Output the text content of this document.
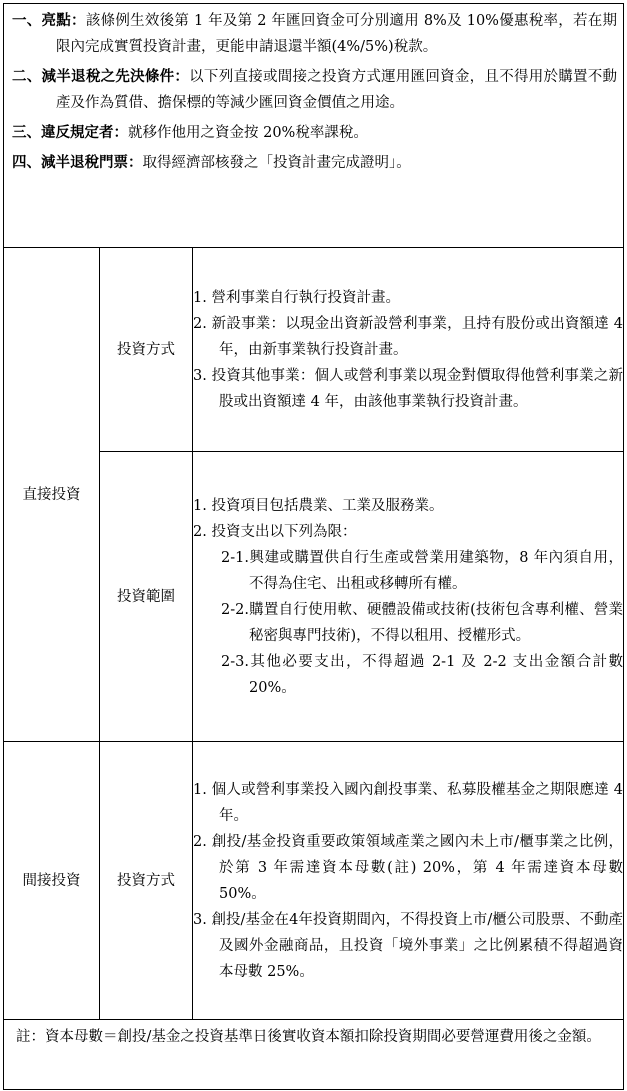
一、亮點：該條例生效後第 1 年及第 2 年匯回資金可分別適用 8%及 10%優惠稅率，若在期限內完成實質投資計畫，更能申請退還半額(4%/5%)稅款。
二、減半退稅之先決條件：以下列直接或間接之投資方式運用匯回資金，且不得用於購置不動產及作為質借、擔保標的等減少匯回資金價值之用途。
三、違反規定者：就移作他用之資金按 20%稅率課稅。
四、減半退稅門票：取得經濟部核發之「投資計畫完成證明」。		

直接投資	投資方式	1. 營利事業自行執行投資計畫。
2. 新設事業：以現金出資新設營利事業，且持有股份或出資額達 4 年，由新事業執行投資計畫。
3. 投資其他事業：個人或營利事業以現金對價取得他營利事業之新股或出資額達 4 年，由該他事業執行投資計畫。

	投資範圍	1. 投資項目包括農業、工業及服務業。
2. 投資支出以下列為限：
2-1.興建或購置供自行生產或營業用建築物，8 年內須自用，不得為住宅、出租或移轉所有權。
2-2.購置自行使用軟、硬體設備或技術(技術包含專利權、營業秘密與專門技術)，不得以租用、授權形式。
2-3.其他必要支出，不得超過 2-1 及 2-2 支出金額合計數 20%。

間接投資	投資方式	1. 個人或營利事業投入國內創投事業、私募股權基金之期限應達 4 年。
2. 創投/基金投資重要政策領域產業之國內未上市/櫃事業之比例，於第 3 年需達資本母數(註) 20%，第 4 年需達資本母數 50%。
3. 創投/基金在4年投資期間內，不得投資上市/櫃公司股票、不動產及國外金融商品，且投資「境外事業」之比例累積不得超過資本母數 25%。

註：資本母數＝創投/基金之投資基準日後實收資本額扣除投資期間必要營運費用後之金額。		
